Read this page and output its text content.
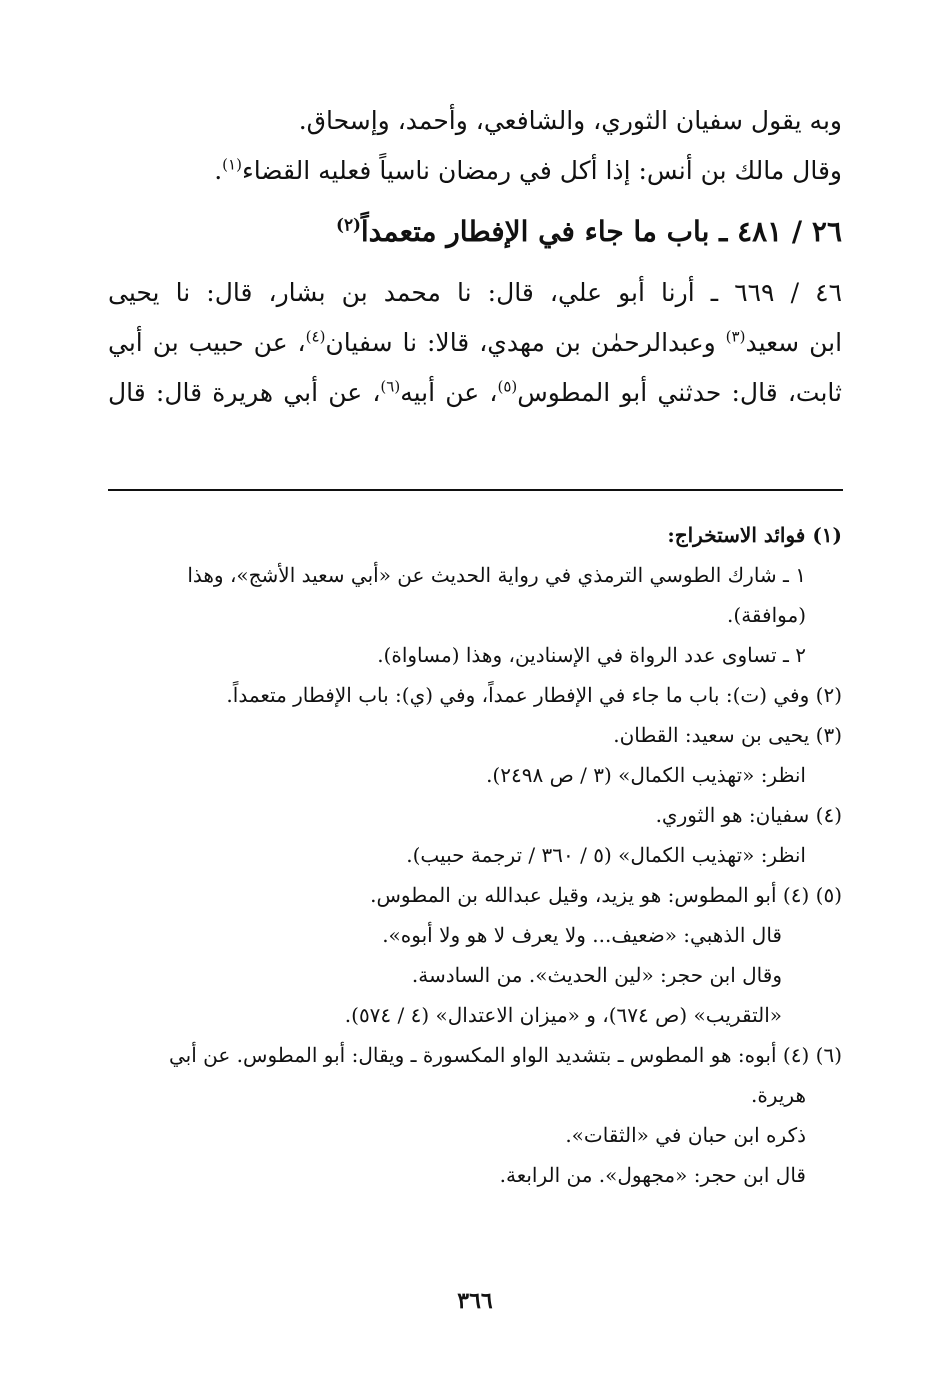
وبه يقول سفيان الثوري، والشافعي، وأحمد، وإسحاق.
وقال مالك بن أنس: إذا أكل في رمضان ناسياً فعليه القضاء$^{(١)}$.
٢٦ / ٤٨١ ـ باب ما جاء في الإفطار متعمداً$^{(٢)}$
٤٦ / ٦٦٩ ـ أرنا أبو علي، قال: نا محمد بن بشار، قال: نا يحيى
ابن سعيد$^{(٣)}$ وعبدالرحمٰن بن مهدي، قالا: نا سفيان$^{(٤)}$، عن حبيب بن أبي
ثابت، قال: حدثني أبو المطوس$^{(٥)}$، عن أبيه$^{(٦)}$، عن أبي هريرة قال: قال
(١) فوائد الاستخراج:
١ ـ شارك الطوسي الترمذي في رواية الحديث عن «أبي سعيد الأشج»، وهذا
(موافقة).
٢ ـ تساوى عدد الرواة في الإسنادين، وهذا (مساواة).
(٢) وفي (ت): باب ما جاء في الإفطار عمداً، وفي (ي): باب الإفطار متعمداً.
(٣) يحيى بن سعيد: القطان.
انظر: «تهذيب الكمال» (٣ / ص ٢٤٩٨).
(٤) سفيان: هو الثوري.
انظر: «تهذيب الكمال» (٥ / ٣٦٠ / ترجمة حبيب).
(٥) (٤) أبو المطوس: هو يزيد، وقيل عبدالله بن المطوس.
قال الذهبي: «ضعيف... ولا يعرف لا هو ولا أبوه».
وقال ابن حجر: «لين الحديث». من السادسة.
«التقريب» (ص ٦٧٤)، و «ميزان الاعتدال» (٤ / ٥٧٤).
(٦) (٤) أبوه: هو المطوس ـ بتشديد الواو المكسورة ـ ويقال: أبو المطوس. عن أبي
هريرة.
ذكره ابن حبان في «الثقات».
قال ابن حجر: «مجهول». من الرابعة.
٣٦٦
